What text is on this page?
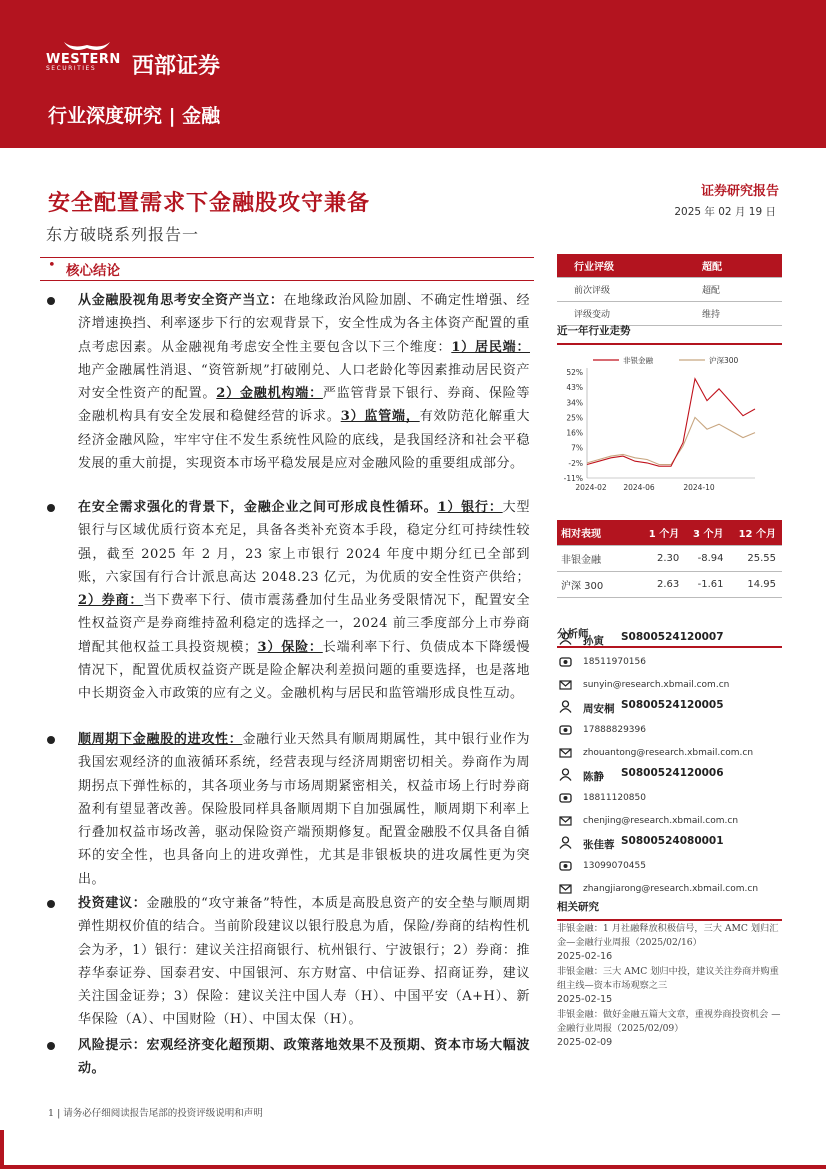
WESTERN
SECURITIES	西部证券
行业深度研究 | 金融
安全配置需求下金融股攻守兼备	证券研究报告
2025 年 02 月 19 日
东方破晓系列报告一
• 核心结论
从金融股视角思考安全资产当立：在地缘政治风险加剧、不确定性增强、经济增速换挡、利率逐步下行的宏观背景下，安全性成为各主体资产配置的重点考虑因素。从金融视角考虑安全性主要包含以下三个维度：1）居民端：地产金融属性消退、“资管新规”打破刚兑、人口老龄化等因素推动居民资产对安全性资产的配置。2）金融机构端：严监管背景下银行、券商、保险等金融机构具有安全发展和稳健经营的诉求。3）监管端，有效防范化解重大经济金融风险，牢牢守住不发生系统性风险的底线，是我国经济和社会平稳发展的重大前提，实现资本市场平稳发展是应对金融风险的重要组成部分。
在安全需求强化的背景下，金融企业之间可形成良性循环。1）银行：大型银行与区域优质行资本充足，具备各类补充资本手段，稳定分红可持续性较强，截至 2025 年 2 月，23 家上市银行 2024 年度中期分红已全部到账，六家国有行合计派息高达 2048.23 亿元，为优质的安全性资产供给；2）券商：当下费率下行、债市震荡叠加付生品业务受限情况下，配置安全性权益资产是券商维持盈利稳定的选择之一，2024 前三季度部分上市券商增配其他权益工具投资规模；3）保险：长端利率下行、负债成本下降缓慢情况下，配置优质权益资产既是险企解决利差损问题的重要选择，也是落地中长期资金入市政策的应有之义。金融机构与居民和监管端形成良性互动。
顺周期下金融股的进攻性：金融行业天然具有顺周期属性，其中银行业作为我国宏观经济的血液循环系统，经营表现与经济周期密切相关。券商作为周期拐点下弹性标的，其各项业务与市场周期紧密相关，权益市场上行时券商盈利有望显著改善。保险股同样具备顺周期下自加强属性，顺周期下利率上行叠加权益市场改善，驱动保险资产端预期修复。配置金融股不仅具备自循环的安全性，也具备向上的进攻弹性，尤其是非银板块的进攻属性更为突出。
投资建议：金融股的“攻守兼备”特性，本质是高股息资产的安全垫与顺周期弹性期权价值的结合。当前阶段建议以银行股息为盾，保险/券商的结构性机会为矛，1）银行：建议关注招商银行、杭州银行、宁波银行；2）券商：推荐华泰证券、国泰君安、中国银河、东方财富、中信证券、招商证券，建议关注国金证券；3）保险：建议关注中国人寿（H）、中国平安（A+H）、新华保险（A）、中国财险（H）、中国太保（H）。
风险提示：宏观经济变化超预期、政策落地效果不及预期、资本市场大幅波动。
行业评级	超配
前次评级	超配
评级变动	维持
近一年行业走势
非银金融	沪深300
52%
43%
34%
25%
16%
7%
-2%
-11%
2024-02 2024-06	2024-10
相对表现	1 个月	3 个月	12 个月
非银金融	2.30	-8.94	25.55
沪深 300	2.63	-1.61	14.95
分析师
孙寅 S0800524120007
18511970156
sunyin@research.xbmail.com.cn
周安桐 S0800524120005
17888829396
zhouantong@research.xbmail.com.cn
陈静 S0800524120006
18811120850
chenjing@research.xbmail.com.cn
张佳蓉 S0800524080001
13099070455
zhangjiarong@research.xbmail.com.cn
相关研究
非银金融：1 月社融释放积极信号，三大 AMC 划归汇金—金融行业周报（2025/02/16）
2025-02-16
非银金融：三大 AMC 划归中投，建议关注券商并购重组主线—资本市场观察之三
2025-02-15
非银金融：做好金融五篇大文章，重视券商投资机会 —金融行业周报（2025/02/09）
2025-02-09
1 | 请务必仔细阅读报告尾部的投资评级说明和声明
